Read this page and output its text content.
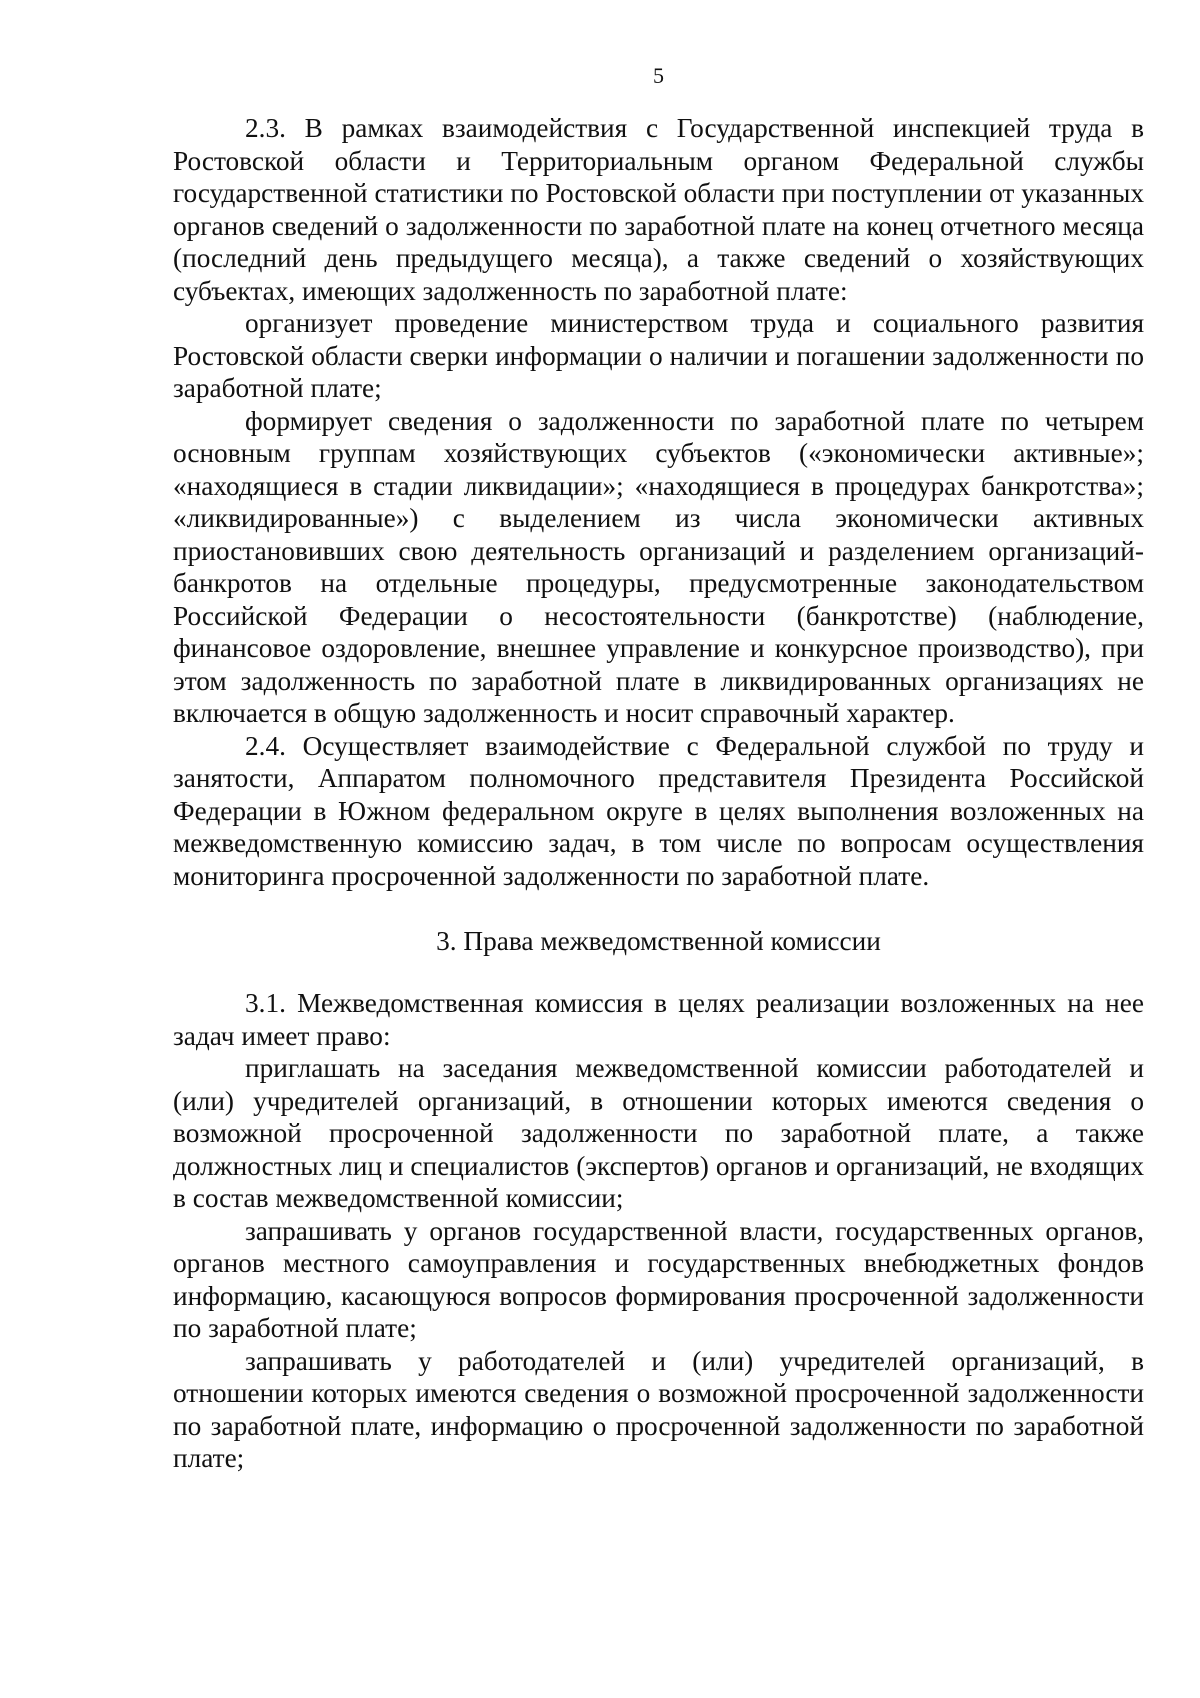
5

2.3. В рамках взаимодействия с Государственной инспекцией труда в Ростовской области и Территориальным органом Федеральной службы государственной статистики по Ростовской области при поступлении от указанных органов сведений о задолженности по заработной плате на конец отчетного месяца (последний день предыдущего месяца), а также сведений о хозяйствующих субъектах, имеющих задолженность по заработной плате:

организует проведение министерством труда и социального развития Ростовской области сверки информации о наличии и погашении задолженности по заработной плате;

формирует сведения о задолженности по заработной плате по четырем основным группам хозяйствующих субъектов («экономически активные»; «находящиеся в стадии ликвидации»; «находящиеся в процедурах банкротства»; «ликвидированные») с выделением из числа экономически активных приостановивших свою деятельность организаций и разделением организаций-банкротов на отдельные процедуры, предусмотренные законодательством Российской Федерации о несостоятельности (банкротстве) (наблюдение, финансовое оздоровление, внешнее управление и конкурсное производство), при этом задолженность по заработной плате в ликвидированных организациях не включается в общую задолженность и носит справочный характер.

2.4. Осуществляет взаимодействие с Федеральной службой по труду и занятости, Аппаратом полномочного представителя Президента Российской Федерации в Южном федеральном округе в целях выполнения возложенных на межведомственную комиссию задач, в том числе по вопросам осуществления мониторинга просроченной задолженности по заработной плате.

3. Права межведомственной комиссии

3.1. Межведомственная комиссия в целях реализации возложенных на нее задач имеет право:

приглашать на заседания межведомственной комиссии работодателей и (или) учредителей организаций, в отношении которых имеются сведения о возможной просроченной задолженности по заработной плате, а также должностных лиц и специалистов (экспертов) органов и организаций, не входящих в состав межведомственной комиссии;

запрашивать у органов государственной власти, государственных органов, органов местного самоуправления и государственных внебюджетных фондов информацию, касающуюся вопросов формирования просроченной задолженности по заработной плате;

запрашивать у работодателей и (или) учредителей организаций, в отношении которых имеются сведения о возможной просроченной задолженности по заработной плате, информацию о просроченной задолженности по заработной плате;
